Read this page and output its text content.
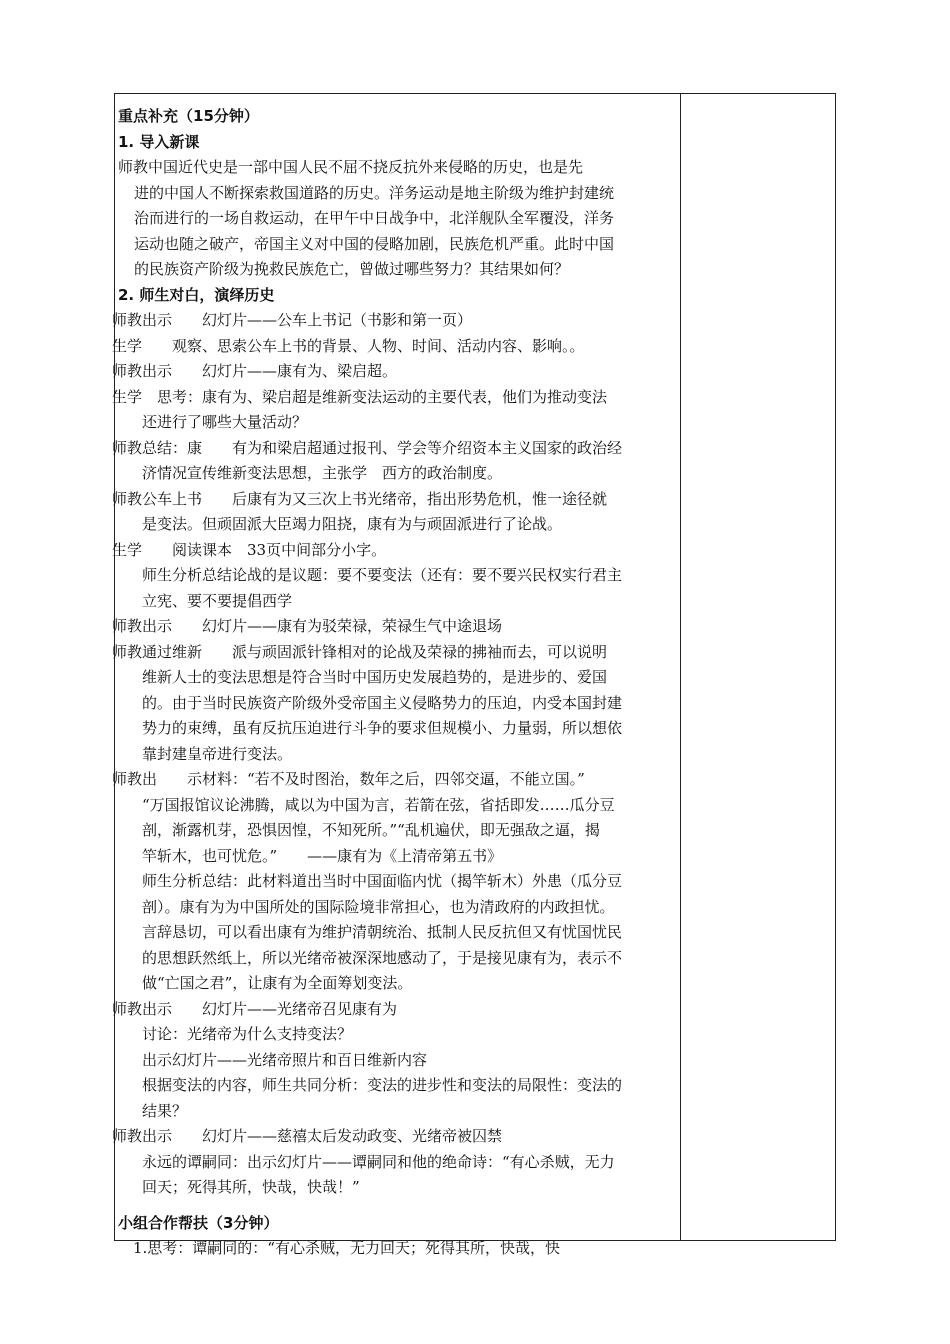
重点补充（15分钟）

1. 导入新课

师教中国近代史是一部中国人民不屈不挠反抗外来侵略的历史，也是先

进的中国人不断探索救国道路的历史。洋务运动是地主阶级为维护封建统

治而进行的一场自救运动，在甲午中日战争中，北洋舰队全军覆没，洋务

运动也随之破产，帝国主义对中国的侵略加剧，民族危机严重。此时中国

的民族资产阶级为挽救民族危亡，曾做过哪些努力？其结果如何？

2. 师生对白，演绎历史

师教出示　　幻灯片——公车上书记（书影和第一页）

生学　　观察、思索公车上书的背景、人物、时间、活动内容、影响。。

师教出示　　幻灯片——康有为、梁启超。

生学　思考：康有为、梁启超是维新变法运动的主要代表，他们为推动变法

　　还进行了哪些大量活动？

师教总结：康　　有为和梁启超通过报刊、学会等介绍资本主义国家的政治经

　　济情况宣传维新变法思想，主张学　西方的政治制度。

师教公车上书　　后康有为又三次上书光绪帝，指出形势危机，惟一途径就

　　是变法。但顽固派大臣竭力阻挠，康有为与顽固派进行了论战。

生学　　阅读课本　33页中间部分小字。

　　师生分析总结论战的是议题：要不要变法（还有：要不要兴民权实行君主

　　立宪、要不要提倡西学

师教出示　　幻灯片——康有为驳荣禄，荣禄生气中途退场

师教通过维新　　派与顽固派针锋相对的论战及荣禄的拂袖而去，可以说明

　　维新人士的变法思想是符合当时中国历史发展趋势的，是进步的、爱国

　　的。由于当时民族资产阶级外受帝国主义侵略势力的压迫，内受本国封建

　　势力的束缚，虽有反抗压迫进行斗争的要求但规模小、力量弱，所以想依

　　靠封建皇帝进行变法。

师教出　　示材料：“若不及时图治，数年之后，四邻交逼，不能立国。”

　　“万国报馆议论沸腾，咸以为中国为言，若箭在弦，省括即发……瓜分豆

　　剖，渐露机芽，恐惧因惶，不知死所。”“乱机遍伏，即无强敌之逼，揭

　　竿斩木，也可忧危。”　　——康有为《上清帝第五书》

　　师生分析总结：此材料道出当时中国面临内忧（揭竿斩木）外患（瓜分豆

　　剖）。康有为为中国所处的国际险境非常担心，也为清政府的内政担忧。

　　言辞恳切，可以看出康有为维护清朝统治、抵制人民反抗但又有忧国忧民

　　的思想跃然纸上，所以光绪帝被深深地感动了，于是接见康有为，表示不

　　做“亡国之君”，让康有为全面筹划变法。

师教出示　　幻灯片——光绪帝召见康有为

　　讨论：光绪帝为什么支持变法？

　　出示幻灯片——光绪帝照片和百日维新内容

　　根据变法的内容，师生共同分析：变法的进步性和变法的局限性：变法的

　　结果？

师教出示　　幻灯片——慈禧太后发动政变、光绪帝被囚禁

　　永远的谭嗣同：出示幻灯片——谭嗣同和他的绝命诗：“有心杀贼，无力

　　回天；死得其所，快哉，快哉！”

小组合作帮扶（3分钟）

　1.思考：谭嗣同的：“有心杀贼，无力回天；死得其所，快哉，快
